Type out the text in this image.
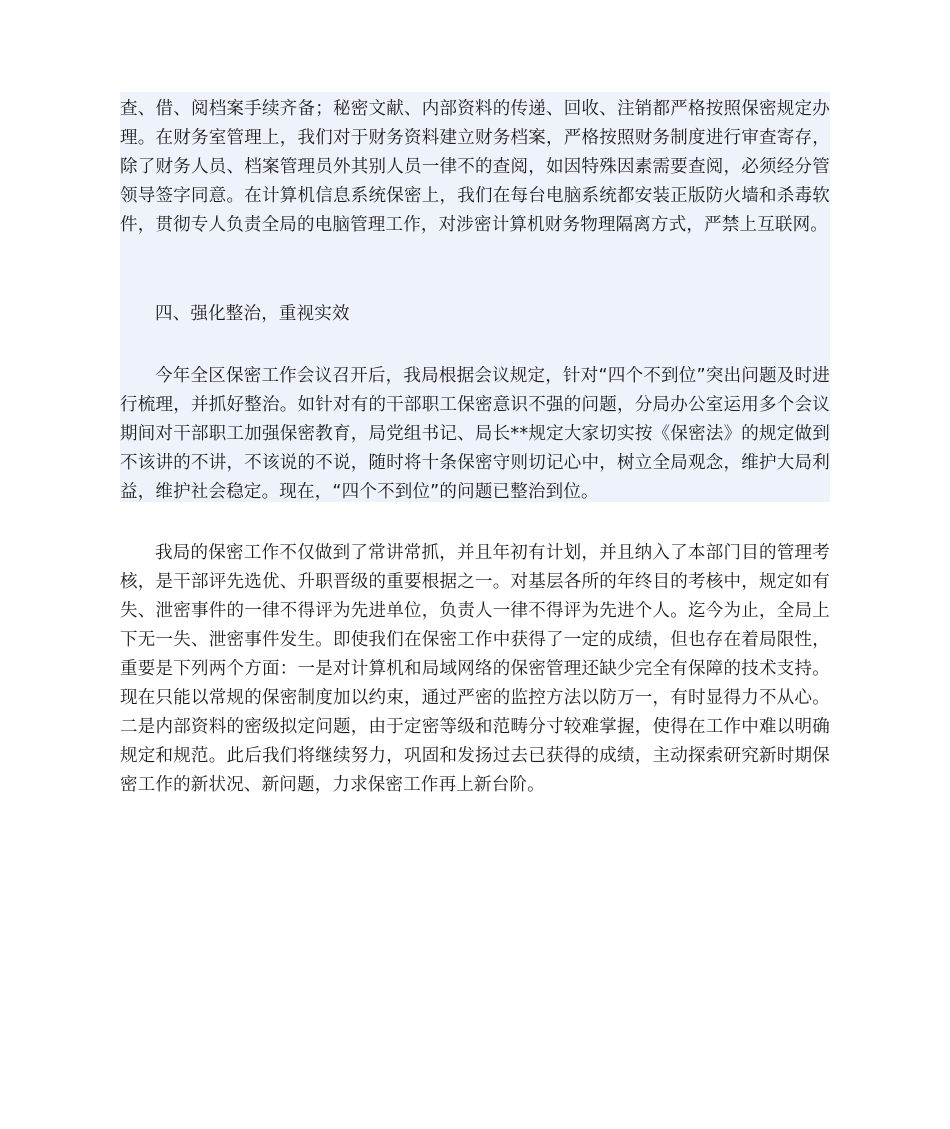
查、借、阅档案手续齐备；秘密文献、内部资料的传递、回收、注销都严格按照保密规定办理。在财务室管理上，我们对于财务资料建立财务档案，严格按照财务制度进行审查寄存，除了财务人员、档案管理员外其别人员一律不的查阅，如因特殊因素需要查阅，必须经分管领导签字同意。在计算机信息系统保密上，我们在每台电脑系统都安装正版防火墙和杀毒软件，贯彻专人负责全局的电脑管理工作，对涉密计算机财务物理隔离方式，严禁上互联网。

四、强化整治，重视实效

今年全区保密工作会议召开后，我局根据会议规定，针对“四个不到位”突出问题及时进行梳理，并抓好整治。如针对有的干部职工保密意识不强的问题，分局办公室运用多个会议期间对干部职工加强保密教育，局党组书记、局长**规定大家切实按《保密法》的规定做到不该讲的不讲，不该说的不说，随时将十条保密守则切记心中，树立全局观念，维护大局利益，维护社会稳定。现在，“四个不到位”的问题已整治到位。

我局的保密工作不仅做到了常讲常抓，并且年初有计划，并且纳入了本部门目的管理考核，是干部评先选优、升职晋级的重要根据之一。对基层各所的年终目的考核中，规定如有失、泄密事件的一律不得评为先进单位，负责人一律不得评为先进个人。迄今为止，全局上下无一失、泄密事件发生。即使我们在保密工作中获得了一定的成绩，但也存在着局限性，重要是下列两个方面：一是对计算机和局域网络的保密管理还缺少完全有保障的技术支持。现在只能以常规的保密制度加以约束，通过严密的监控方法以防万一，有时显得力不从心。二是内部资料的密级拟定问题，由于定密等级和范畴分寸较难掌握，使得在工作中难以明确规定和规范。此后我们将继续努力，巩固和发扬过去已获得的成绩，主动探索研究新时期保密工作的新状况、新问题，力求保密工作再上新台阶。
